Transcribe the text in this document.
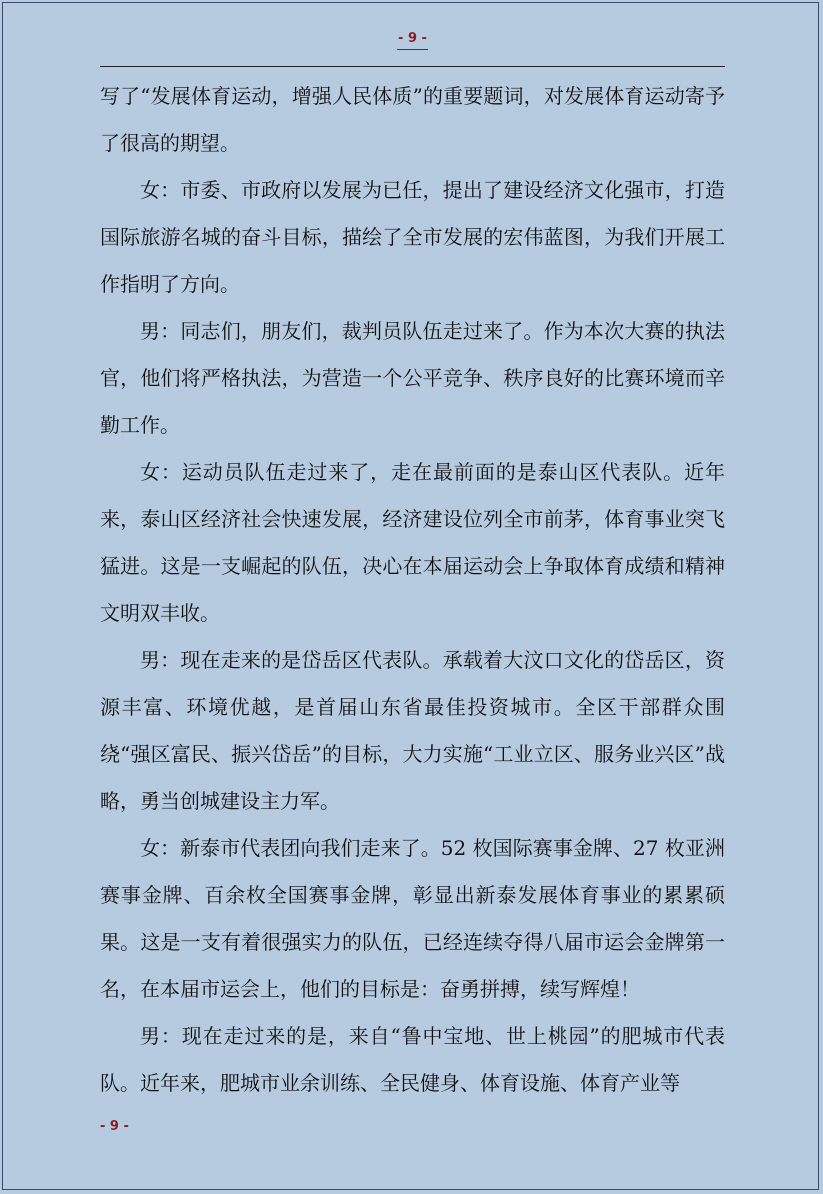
- 9 -

写了“发展体育运动，增强人民体质”的重要题词，对发展体育运动寄予了很高的期望。

女：市委、市政府以发展为已任，提出了建设经济文化强市，打造国际旅游名城的奋斗目标，描绘了全市发展的宏伟蓝图，为我们开展工作指明了方向。

男：同志们，朋友们，裁判员队伍走过来了。作为本次大赛的执法官，他们将严格执法，为营造一个公平竞争、秩序良好的比赛环境而辛勤工作。

女：运动员队伍走过来了，走在最前面的是泰山区代表队。近年来，泰山区经济社会快速发展，经济建设位列全市前茅，体育事业突飞猛进。这是一支崛起的队伍，决心在本届运动会上争取体育成绩和精神文明双丰收。

男：现在走来的是岱岳区代表队。承载着大汶口文化的岱岳区，资源丰富、环境优越，是首届山东省最佳投资城市。全区干部群众围绕“强区富民、振兴岱岳”的目标，大力实施“工业立区、服务业兴区”战略，勇当创城建设主力军。

女：新泰市代表团向我们走来了。52 枚国际赛事金牌、27 枚亚洲赛事金牌、百余枚全国赛事金牌，彰显出新泰发展体育事业的累累硕果。这是一支有着很强实力的队伍，已经连续夺得八届市运会金牌第一名，在本届市运会上，他们的目标是：奋勇拼搏，续写辉煌！

男：现在走过来的是，来自“鲁中宝地、世上桃园”的肥城市代表队。近年来，肥城市业余训练、全民健身、体育设施、体育产业等

- 9 -
